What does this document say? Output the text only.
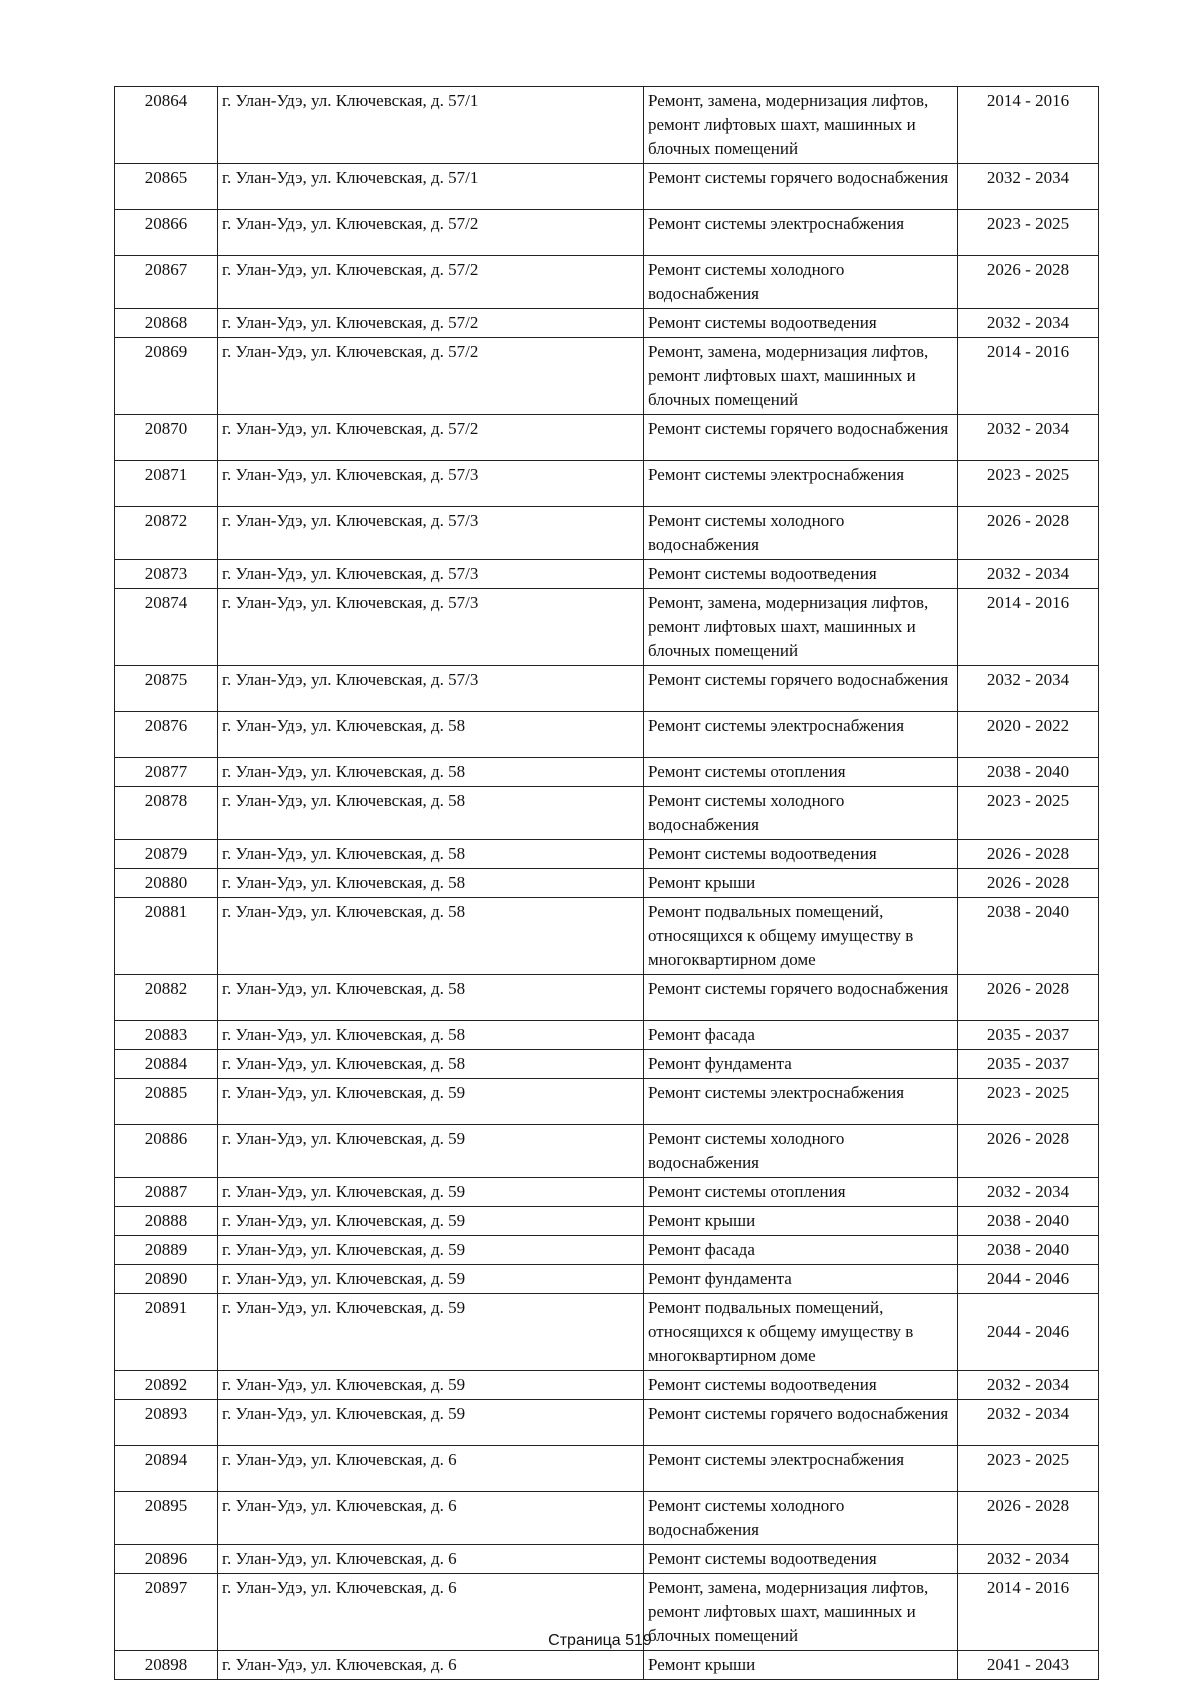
20864	г. Улан-Удэ, ул. Ключевская, д. 57/1	Ремонт, замена, модернизация лифтов, ремонт лифтовых шахт, машинных и блочных помещений	2014 - 2016
20865	г. Улан-Удэ, ул. Ключевская, д. 57/1	Ремонт системы горячего водоснабжения	2032 - 2034
20866	г. Улан-Удэ, ул. Ключевская, д. 57/2	Ремонт системы электроснабжения	2023 - 2025
20867	г. Улан-Удэ, ул. Ключевская, д. 57/2	Ремонт системы холодного водоснабжения	2026 - 2028
20868	г. Улан-Удэ, ул. Ключевская, д. 57/2	Ремонт системы водоотведения	2032 - 2034
20869	г. Улан-Удэ, ул. Ключевская, д. 57/2	Ремонт, замена, модернизация лифтов, ремонт лифтовых шахт, машинных и блочных помещений	2014 - 2016
20870	г. Улан-Удэ, ул. Ключевская, д. 57/2	Ремонт системы горячего водоснабжения	2032 - 2034
20871	г. Улан-Удэ, ул. Ключевская, д. 57/3	Ремонт системы электроснабжения	2023 - 2025
20872	г. Улан-Удэ, ул. Ключевская, д. 57/3	Ремонт системы холодного водоснабжения	2026 - 2028
20873	г. Улан-Удэ, ул. Ключевская, д. 57/3	Ремонт системы водоотведения	2032 - 2034
20874	г. Улан-Удэ, ул. Ключевская, д. 57/3	Ремонт, замена, модернизация лифтов, ремонт лифтовых шахт, машинных и блочных помещений	2014 - 2016
20875	г. Улан-Удэ, ул. Ключевская, д. 57/3	Ремонт системы горячего водоснабжения	2032 - 2034
20876	г. Улан-Удэ, ул. Ключевская, д. 58	Ремонт системы электроснабжения	2020 - 2022
20877	г. Улан-Удэ, ул. Ключевская, д. 58	Ремонт системы отопления	2038 - 2040
20878	г. Улан-Удэ, ул. Ключевская, д. 58	Ремонт системы холодного водоснабжения	2023 - 2025
20879	г. Улан-Удэ, ул. Ключевская, д. 58	Ремонт системы водоотведения	2026 - 2028
20880	г. Улан-Удэ, ул. Ключевская, д. 58	Ремонт крыши	2026 - 2028
20881	г. Улан-Удэ, ул. Ключевская, д. 58	Ремонт подвальных помещений, относящихся к общему имуществу в многоквартирном доме	2038 - 2040
20882	г. Улан-Удэ, ул. Ключевская, д. 58	Ремонт системы горячего водоснабжения	2026 - 2028
20883	г. Улан-Удэ, ул. Ключевская, д. 58	Ремонт фасада	2035 - 2037
20884	г. Улан-Удэ, ул. Ключевская, д. 58	Ремонт фундамента	2035 - 2037
20885	г. Улан-Удэ, ул. Ключевская, д. 59	Ремонт системы электроснабжения	2023 - 2025
20886	г. Улан-Удэ, ул. Ключевская, д. 59	Ремонт системы холодного водоснабжения	2026 - 2028
20887	г. Улан-Удэ, ул. Ключевская, д. 59	Ремонт системы отопления	2032 - 2034
20888	г. Улан-Удэ, ул. Ключевская, д. 59	Ремонт крыши	2038 - 2040
20889	г. Улан-Удэ, ул. Ключевская, д. 59	Ремонт фасада	2038 - 2040
20890	г. Улан-Удэ, ул. Ключевская, д. 59	Ремонт фундамента	2044 - 2046
20891	г. Улан-Удэ, ул. Ключевская, д. 59	Ремонт подвальных помещений, относящихся к общему имуществу в многоквартирном доме	2044 - 2046
20892	г. Улан-Удэ, ул. Ключевская, д. 59	Ремонт системы водоотведения	2032 - 2034
20893	г. Улан-Удэ, ул. Ключевская, д. 59	Ремонт системы горячего водоснабжения	2032 - 2034
20894	г. Улан-Удэ, ул. Ключевская, д. 6	Ремонт системы электроснабжения	2023 - 2025
20895	г. Улан-Удэ, ул. Ключевская, д. 6	Ремонт системы холодного водоснабжения	2026 - 2028
20896	г. Улан-Удэ, ул. Ключевская, д. 6	Ремонт системы водоотведения	2032 - 2034
20897	г. Улан-Удэ, ул. Ключевская, д. 6	Ремонт, замена, модернизация лифтов, ремонт лифтовых шахт, машинных и блочных помещений	2014 - 2016
20898	г. Улан-Удэ, ул. Ключевская, д. 6	Ремонт крыши	2041 - 2043
Страница 519
